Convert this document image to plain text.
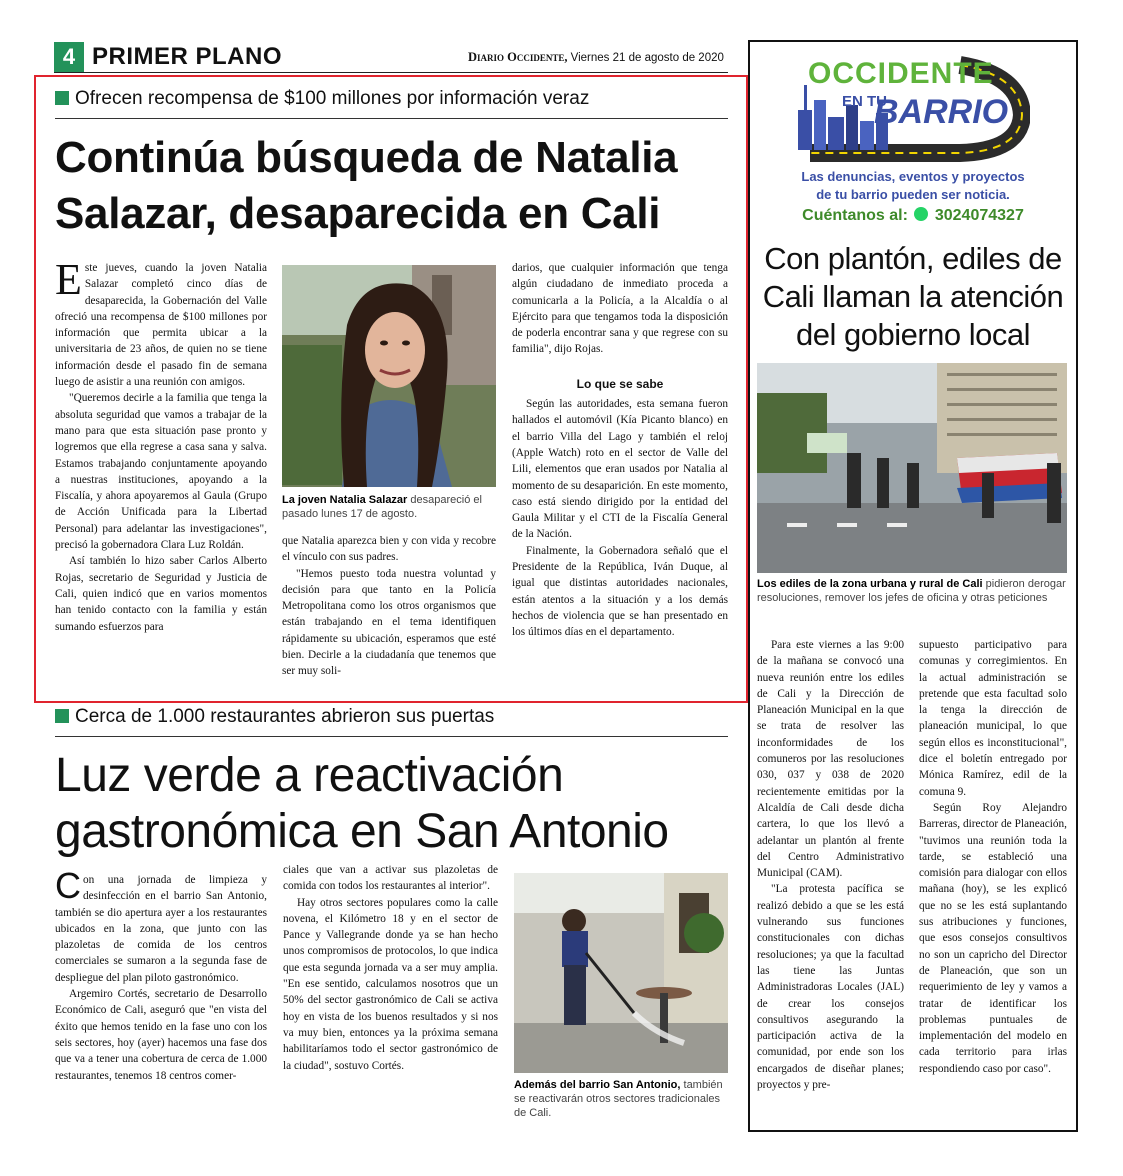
4 PRIMER PLANO	Diario Occidente, Viernes 21 de agosto de 2020
Ofrecen recompensa de $100 millones por información veraz
Continúa búsqueda de Natalia
Salazar, desaparecida en Cali

Este jueves, cuando la joven Natalia Salazar completó cinco días de desaparecida, la Gobernación del Valle ofreció una recompensa de $100 millones por información que permita ubicar a la universitaria de 23 años, de quien no se tiene información desde el pasado fin de semana luego de asistir a una reunión con amigos.

"Queremos decirle a la familia que tenga la absoluta seguridad que vamos a trabajar de la mano para que esta situación pase pronto y logremos que ella regrese a casa sana y salva. Estamos trabajando conjuntamente apoyando a nuestras instituciones, apoyando a la Fiscalía, y ahora apoyaremos al Gaula (Grupo de Acción Unificada para la Libertad Personal) para adelantar las investigaciones", precisó la gobernadora Clara Luz Roldán.

Así también lo hizo saber Carlos Alberto Rojas, secretario de Seguridad y Justicia de Cali, quien indicó que en varios momentos han tenido contacto con la familia y están sumando esfuerzos para

La joven Natalia Salazar desapareció el pasado lunes 17 de agosto.

que Natalia aparezca bien y con vida y recobre el vínculo con sus padres.

"Hemos puesto toda nuestra voluntad y decisión para que tanto en la Policía Metropolitana como los otros organismos que están trabajando en el tema identifiquen rápidamente su ubicación, esperamos que esté bien. Decirle a la ciudadanía que tenemos que ser muy soli-

darios, que cualquier información que tenga algún ciudadano de inmediato proceda a comunicarla a la Policía, a la Alcaldía o al Ejército para que tengamos toda la disposición de poderla encontrar sana y que regrese con su familia", dijo Rojas.

Lo que se sabe

Según las autoridades, esta semana fueron hallados el automóvil (Kía Picanto blanco) en el barrio Villa del Lago y también el reloj (Apple Watch) roto en el sector de Valle del Lili, elementos que eran usados por Natalia al momento de su desaparición. En este momento, caso está siendo dirigido por la entidad del Gaula Militar y el CTI de la Fiscalía General de la Nación.

Finalmente, la Gobernadora señaló que el Presidente de la República, Iván Duque, al igual que distintas autoridades nacionales, están atentos a la situación y a los demás hechos de violencia que se han presentado en los últimos días en el departamento.

Cerca de 1.000 restaurantes abrieron sus puertas
Luz verde a reactivación
gastronómica en San Antonio

Con una jornada de limpieza y desinfección en el barrio San Antonio, también se dio apertura ayer a los restaurantes ubicados en la zona, que junto con las plazoletas de comida de los centros comerciales se sumaron a la segunda fase de despliegue del plan piloto gastronómico.

Argemiro Cortés, secretario de Desarrollo Económico de Cali, aseguró que "en vista del éxito que hemos tenido en la fase uno con los seis sectores, hoy (ayer) hacemos una fase dos que va a tener una cobertura de cerca de 1.000 restaurantes, tenemos 18 centros comer-

ciales que van a activar sus plazoletas de comida con todos los restaurantes al interior".

Hay otros sectores populares como la calle novena, el Kilómetro 18 y en el sector de Pance y Vallegrande donde ya se han hecho unos compromisos de protocolos, lo que indica que esta segunda jornada va a ser muy amplia. "En ese sentido, calculamos nosotros que un 50% del sector gastronómico de Cali se activa hoy en vista de los buenos resultados y si nos va muy bien, entonces ya la próxima semana habilitaríamos todo el sector gastronómico de la ciudad", sostuvo Cortés.

Además del barrio San Antonio, también se reactivarán otros sectores tradicionales de Cali.
OCCIDENTE
EN TU
BARRIO
Las denuncias, eventos y proyectos
de tu barrio pueden ser noticia.
Cuéntanos al: 3024074327
Con plantón, ediles de
Cali llaman la atención
del gobierno local
Los ediles de la zona urbana y rural de Cali pidieron derogar resoluciones, remover los jefes de oficina y otras peticiones

Para este viernes a las 9:00 de la mañana se convocó una nueva reunión entre los ediles de Cali y la Dirección de Planeación Municipal en la que se trata de resolver las inconformidades de los comuneros por las resoluciones 030, 037 y 038 de 2020 recientemente emitidas por la Alcaldía de Cali desde dicha cartera, lo que los llevó a adelantar un plantón al frente del Centro Administrativo Municipal (CAM).

"La protesta pacífica se realizó debido a que se les está vulnerando sus funciones constitucionales con dichas resoluciones; ya que la facultad las tiene las Juntas Administradoras Locales (JAL) de crear los consejos consultivos asegurando la participación activa de la comunidad, por ende son los encargados de diseñar planes; proyectos y pre-

supuesto participativo para comunas y corregimientos. En la actual administración se pretende que esta facultad solo la tenga la dirección de planeación municipal, lo que según ellos es inconstitucional", dice el boletín entregado por Mónica Ramírez, edil de la comuna 9.

Según Roy Alejandro Barreras, director de Planeación, "tuvimos una reunión toda la tarde, se estableció una comisión para dialogar con ellos mañana (hoy), se les explicó que no se les está suplantando sus atribuciones y funciones, que esos consejos consultivos no son un capricho del Director de Planeación, que son un requerimiento de ley y vamos a tratar de identificar los problemas puntuales de implementación del modelo en cada territorio para irlas respondiendo caso por caso".
